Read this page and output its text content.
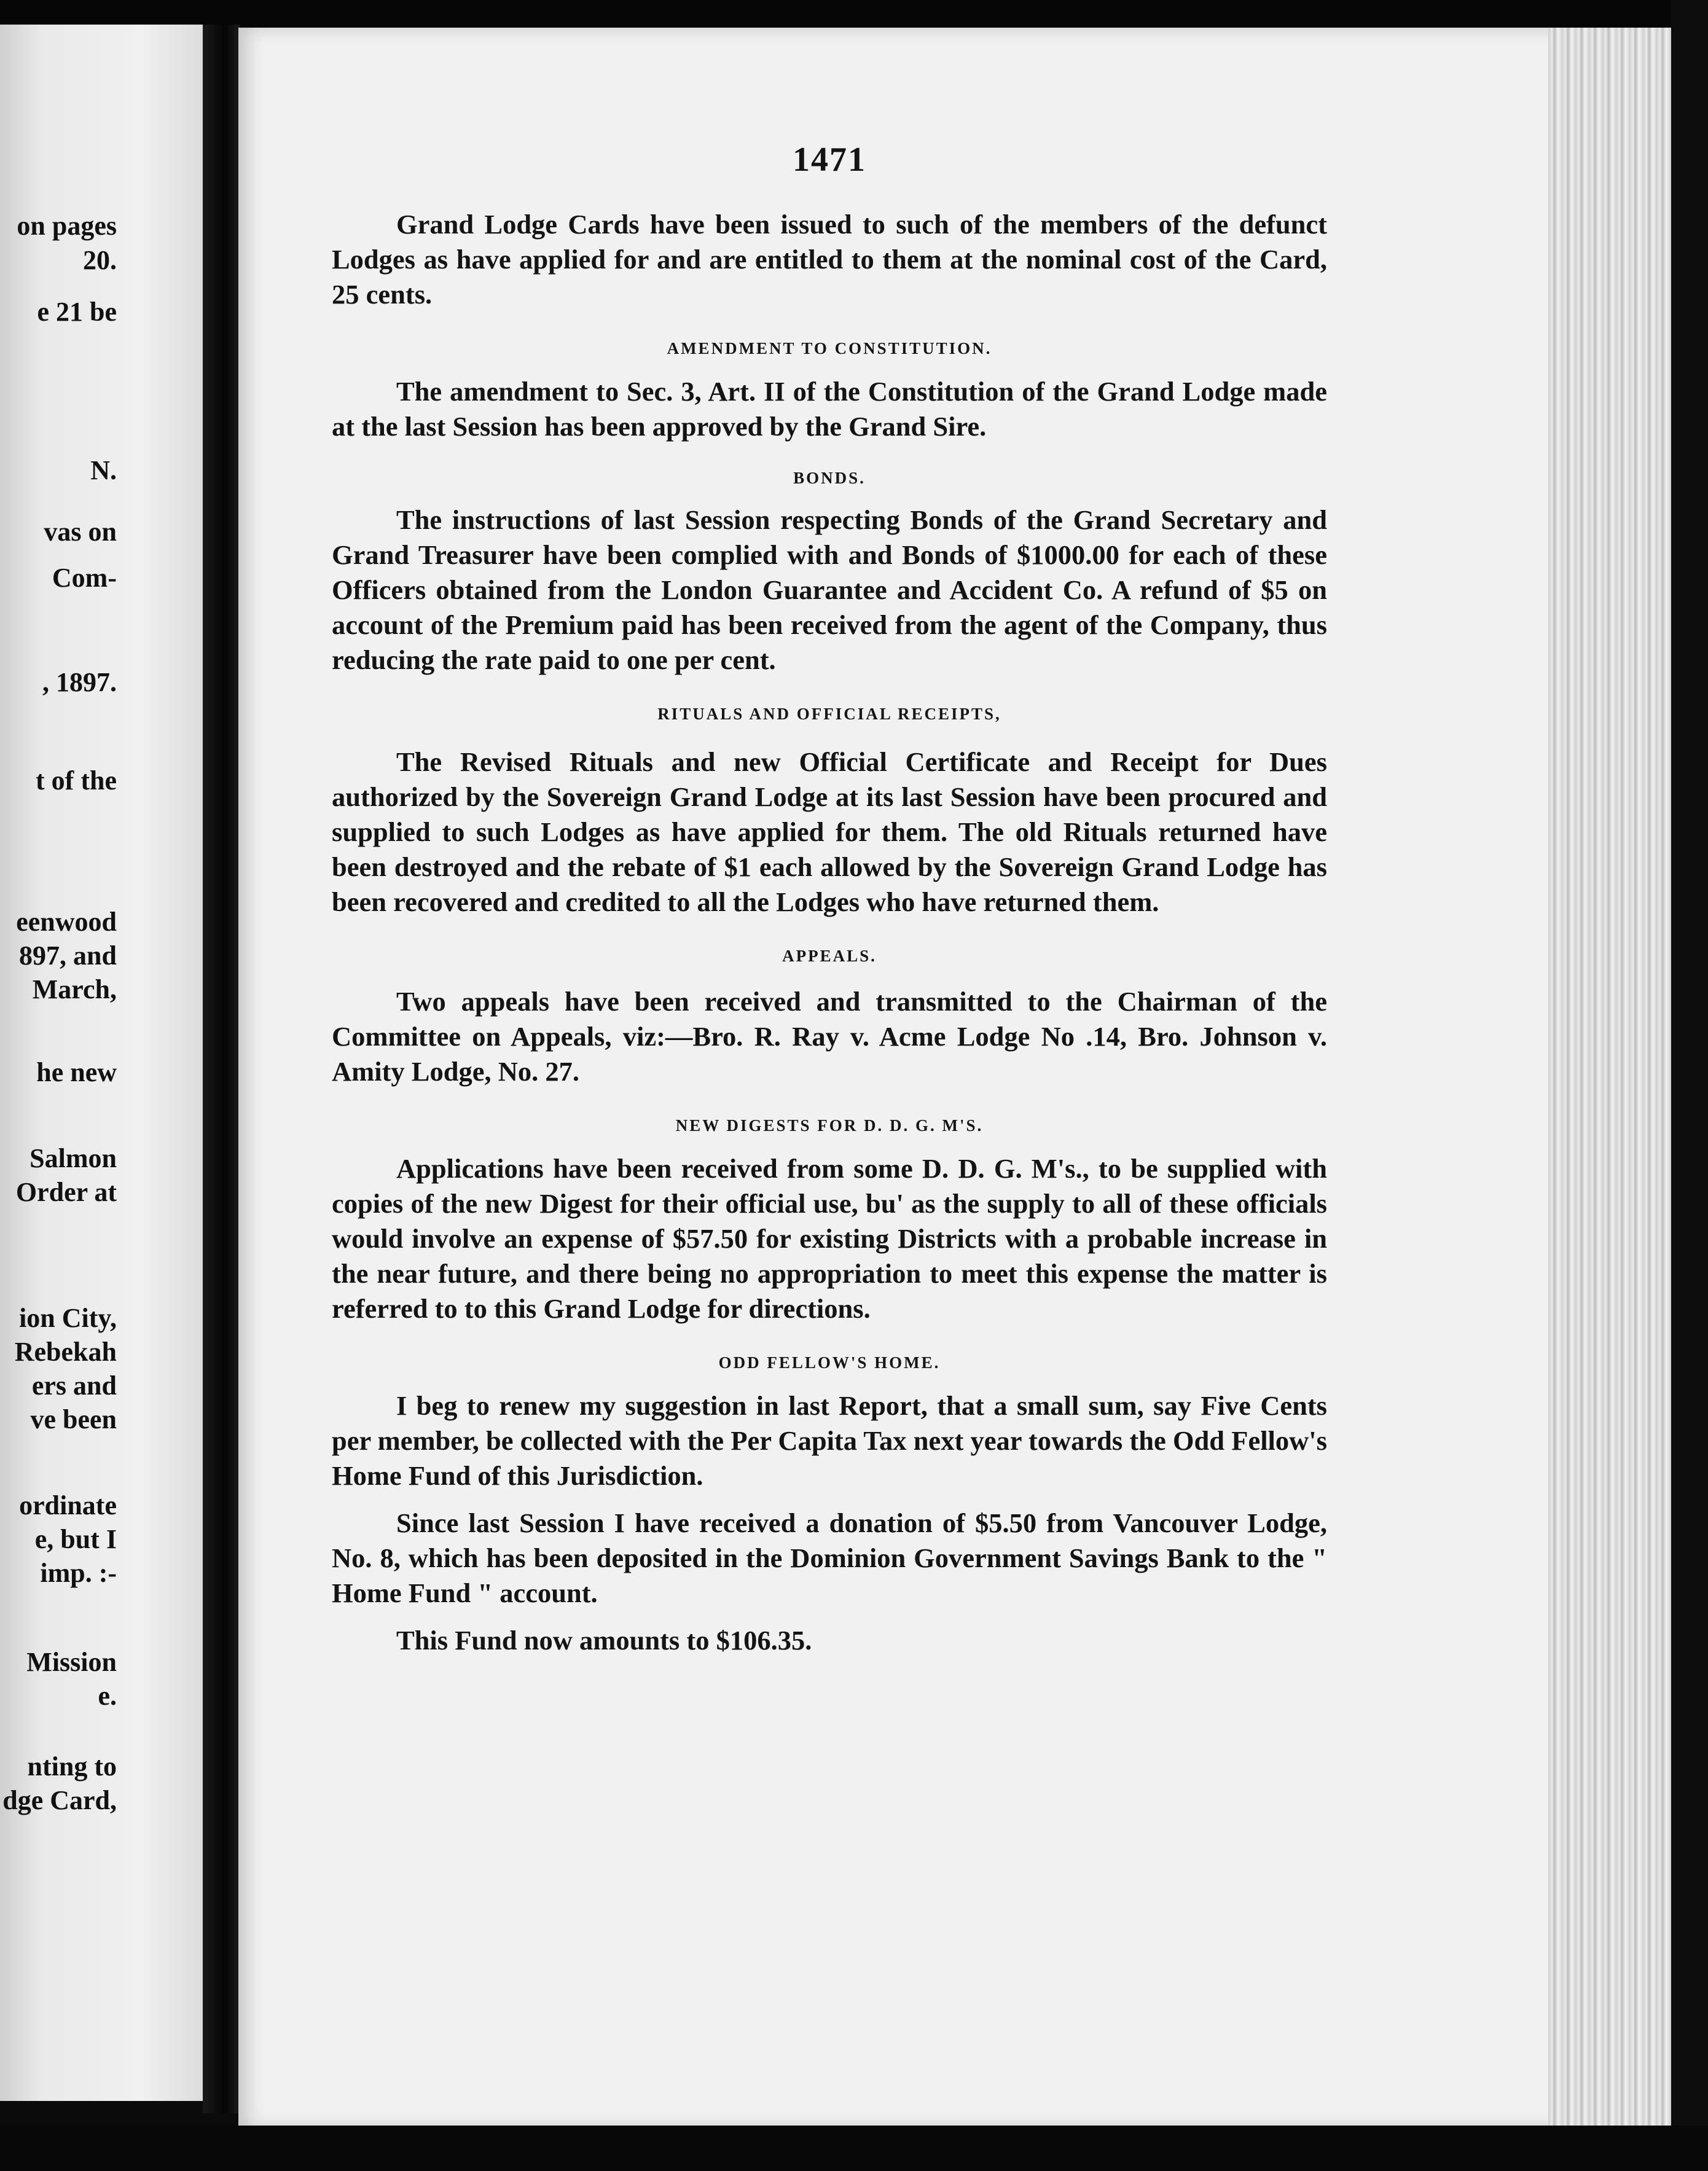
on pages
20.
e 21 be
N.
vas on
Com-
, 1897.
t of the
eenwood
897, and
March,
he new
Salmon
Order at
ion City,
Rebekah
ers and
ve been
ordinate
e, but I
imp. :-
Mission
e.
nting to
dge Card,
1471

Grand Lodge Cards have been issued to such of the members of the defunct Lodges as have applied for and are entitled to them at the nominal cost of the Card, 25 cents.

AMENDMENT TO CONSTITUTION.

The amendment to Sec. 3, Art. II of the Constitution of the Grand Lodge made at the last Session has been approved by the Grand Sire.

BONDS.

The instructions of last Session respecting Bonds of the Grand Secretary and Grand Treasurer have been complied with and Bonds of $1000.00 for each of these Officers obtained from the London Guarantee and Accident Co. A refund of $5 on account of the Premium paid has been received from the agent of the Company, thus reducing the rate paid to one per cent.

RITUALS AND OFFICIAL RECEIPTS,

The Revised Rituals and new Official Certificate and Receipt for Dues authorized by the Sovereign Grand Lodge at its last Session have been procured and supplied to such Lodges as have applied for them. The old Rituals returned have been destroyed and the rebate of $1 each allowed by the Sovereign Grand Lodge has been recovered and credited to all the Lodges who have returned them.

APPEALS.

Two appeals have been received and transmitted to the Chairman of the Committee on Appeals, viz:—Bro. R. Ray v. Acme Lodge No .14, Bro. Johnson v. Amity Lodge, No. 27.

NEW DIGESTS FOR D. D. G. M'S.

Applications have been received from some D. D. G. M's., to be supplied with copies of the new Digest for their official use, bu' as the supply to all of these officials would involve an expense of $57.50 for existing Districts with a probable increase in the near future, and there being no appropriation to meet this expense the matter is referred to to this Grand Lodge for directions.

ODD FELLOW'S HOME.

I beg to renew my suggestion in last Report, that a small sum, say Five Cents per member, be collected with the Per Capita Tax next year towards the Odd Fellow's Home Fund of this Jurisdiction.

Since last Session I have received a donation of $5.50 from Vancouver Lodge, No. 8, which has been deposited in the Dominion Government Savings Bank to the " Home Fund " account.

This Fund now amounts to $106.35.
